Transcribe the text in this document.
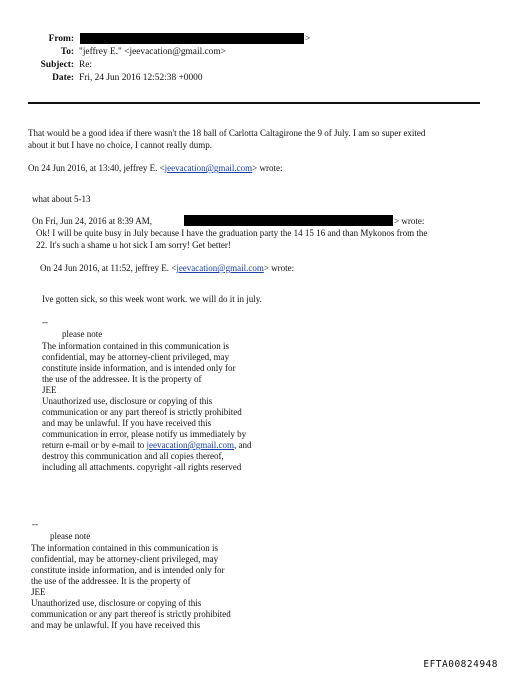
From:	>
To: "jeffrey E." <jeevacation@gmail.com>
Subject: Re:
Date: Fri, 24 Jun 2016 12:52:38 +0000
That would be a good idea if there wasn't the 18 ball of Carlotta Caltagirone the 9 of July. I am so super exited
about it but I have no choice, I cannot really dump.
On 24 Jun 2016, at 13:40, jeffrey E. <jeevacation@gmail.com> wrote:
what about 5-13
On Fri, Jun 24, 2016 at 8:39 AM,	> wrote:
Ok! I will be quite busy in July because I have the graduation party the 14 15 16 and than Mykonos from the
22. It's such a shame u hot sick I am sorry! Get better!
On 24 Jun 2016, at 11:52, jeffrey E. <jeevacation@gmail.com> wrote:
Ive gotten sick, so this week wont work. we will do it in july.
--
please note
The information contained in this communication is
confidential, may be attorney-client privileged, may
constitute inside information, and is intended only for
the use of the addressee. It is the property of
JEE
Unauthorized use, disclosure or copying of this
communication or any part thereof is strictly prohibited
and may be unlawful. If you have received this
communication in error, please notify us immediately by
return e-mail or by e-mail to jeevacation@gmail.com, and
destroy this communication and all copies thereof,
including all attachments. copyright -all rights reserved
--
please note
The information contained in this communication is
confidential, may be attorney-client privileged, may
constitute inside information, and is intended only for
the use of the addressee. It is the property of
JEE
Unauthorized use, disclosure or copying of this
communication or any part thereof is strictly prohibited
and may be unlawful. If you have received this
EFTA00824948
